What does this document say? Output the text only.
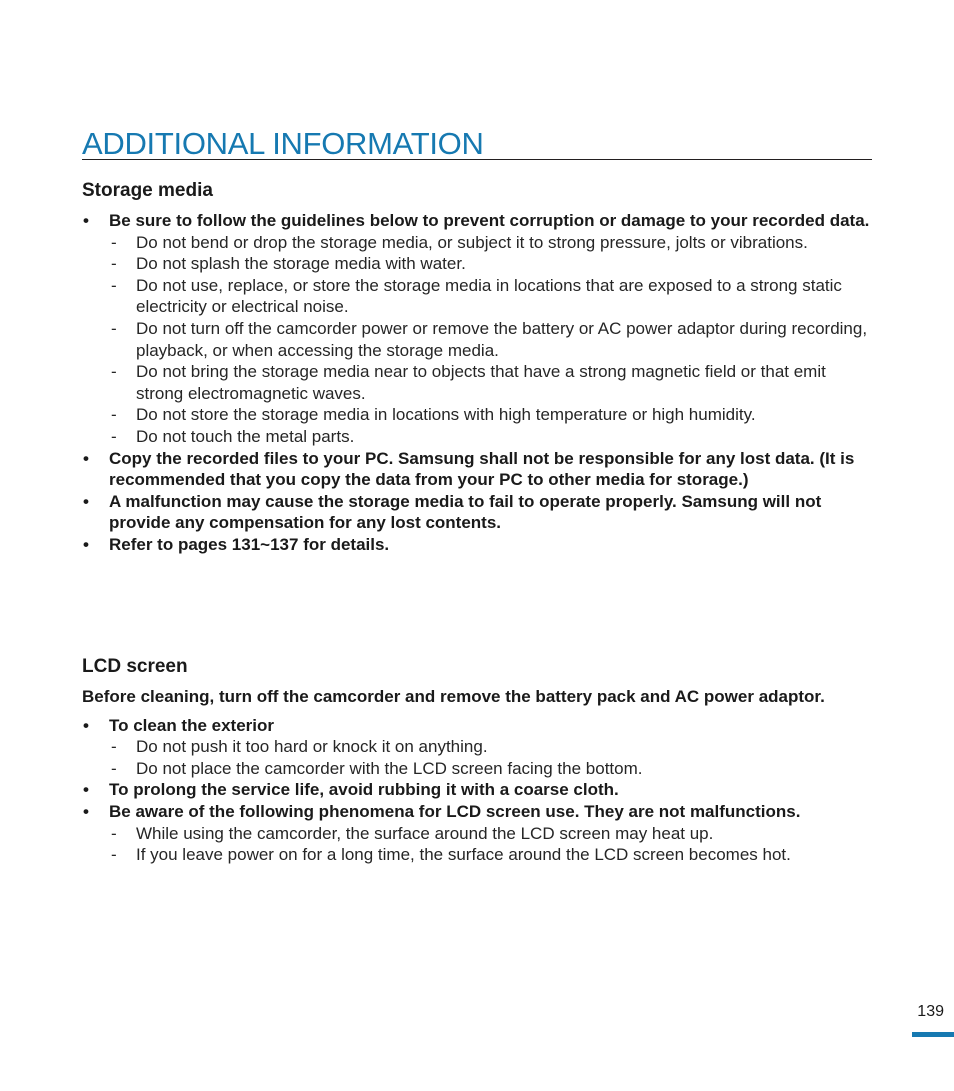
ADDITIONAL INFORMATION
Storage media
• Be sure to follow the guidelines below to prevent corruption or damage to your recorded data.
- Do not bend or drop the storage media, or subject it to strong pressure, jolts or vibrations.
- Do not splash the storage media with water.
- Do not use, replace, or store the storage media in locations that are exposed to a strong static electricity or electrical noise.
- Do not turn off the camcorder power or remove the battery or AC power adaptor during recording, playback, or when accessing the storage media.
- Do not bring the storage media near to objects that have a strong magnetic field or that emit strong electromagnetic waves.
- Do not store the storage media in locations with high temperature or high humidity.
- Do not touch the metal parts.
• Copy the recorded files to your PC. Samsung shall not be responsible for any lost data. (It is recommended that you copy the data from your PC to other media for storage.)
• A malfunction may cause the storage media to fail to operate properly. Samsung will not provide any compensation for any lost contents.
• Refer to pages 131~137 for details.
LCD screen

Before cleaning, turn off the camcorder and remove the battery pack and AC power adaptor.

• To clean the exterior
- Do not push it too hard or knock it on anything.
- Do not place the camcorder with the LCD screen facing the bottom.
• To prolong the service life, avoid rubbing it with a coarse cloth.
• Be aware of the following phenomena for LCD screen use. They are not malfunctions.
- While using the camcorder, the surface around the LCD screen may heat up.
- If you leave power on for a long time, the surface around the LCD screen becomes hot.
139
